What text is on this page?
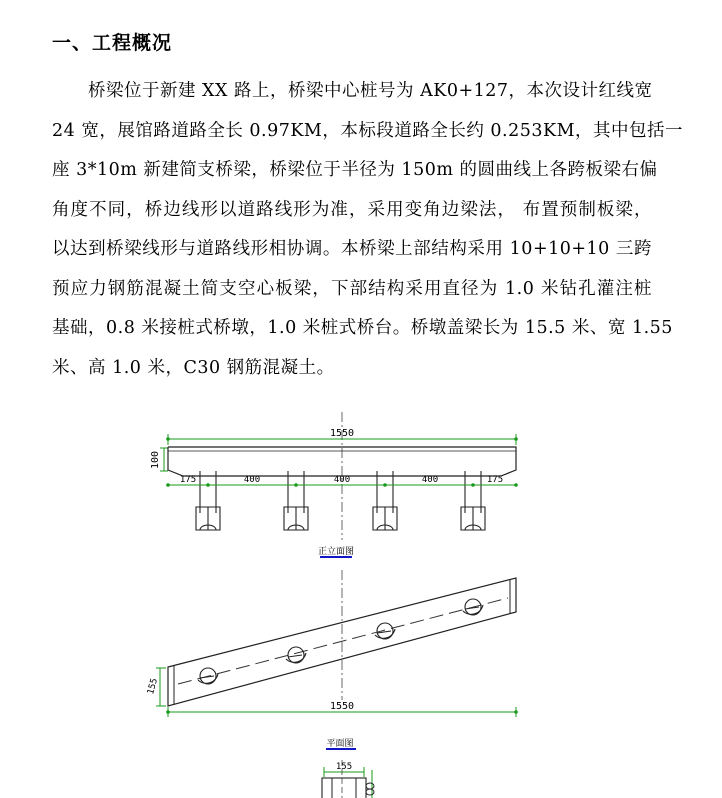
一、工程概况
桥梁位于新建 XX 路上，桥梁中心桩号为 AK0+127，本次设计红线宽
24 宽，展馆路道路全长 0.97KM，本标段道路全长约 0.253KM，其中包括一
座 3*10m 新建简支桥梁，桥梁位于半径为 150m 的圆曲线上各跨板梁右偏
角度不同，桥边线形以道路线形为准，采用变角边梁法， 布置预制板梁，
以达到桥梁线形与道路线形相协调。本桥梁上部结构采用 10+10+10 三跨
预应力钢筋混凝土简支空心板梁，下部结构采用直径为 1.0 米钻孔灌注桩
基础，0.8 米接桩式桥墩，1.0 米桩式桥台。桥墩盖梁长为 15.5 米、宽 1.55
米、高 1.0 米，C30 钢筋混凝土。
1550
100
175	400	400	400	175
正立面图
155
1550
平面图
155
